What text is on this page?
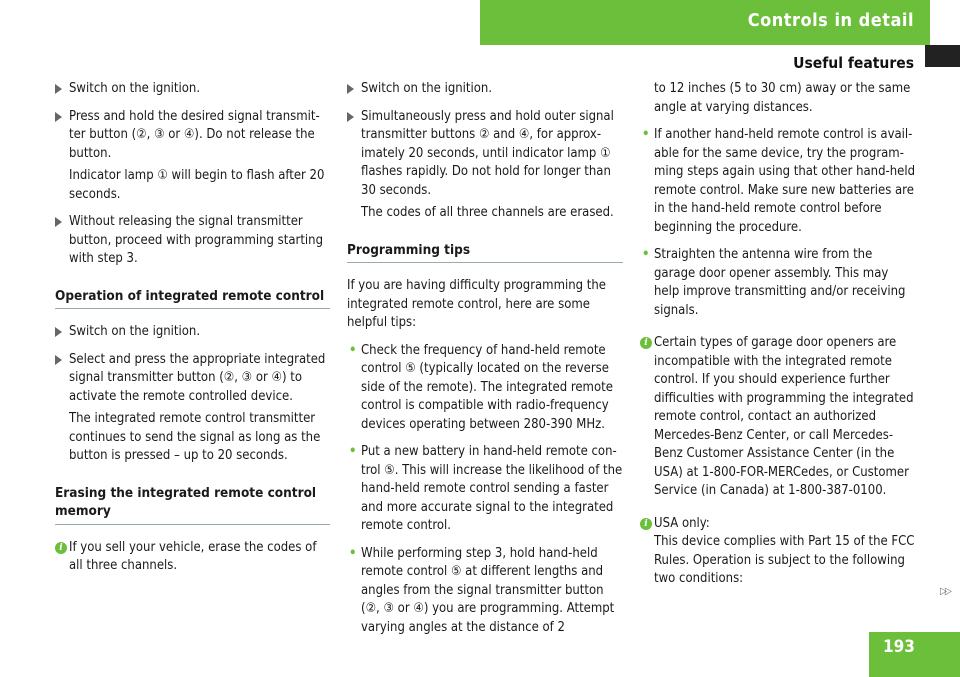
Controls in detail
Useful features
Switch on the ignition.
Press and hold the desired signal transmitter button (②, ③ or ④). Do not release the button.
Indicator lamp ① will begin to flash after 20 seconds.
Without releasing the signal transmitter button, proceed with programming starting with step 3.
Operation of integrated remote control
Switch on the ignition.
Select and press the appropriate integrated signal transmitter button (②, ③ or ④) to activate the remote controlled device.
The integrated remote control transmitter continues to send the signal as long as the button is pressed – up to 20 seconds.
Erasing the integrated remote control memory
i If you sell your vehicle, erase the codes of all three channels.
Switch on the ignition.
Simultaneously press and hold outer signal transmitter buttons ② and ④, for approximately 20 seconds, until indicator lamp ① flashes rapidly. Do not hold for longer than 30 seconds.
The codes of all three channels are erased.
Programming tips
If you are having difficulty programming the integrated remote control, here are some helpful tips:
• Check the frequency of hand-held remote control ⑤ (typically located on the reverse side of the remote). The integrated remote control is compatible with radio-frequency devices operating between 280-390 MHz.
• Put a new battery in hand-held remote control ⑤. This will increase the likelihood of the hand-held remote control sending a faster and more accurate signal to the integrated remote control.
• While performing step 3, hold hand-held remote control ⑤ at different lengths and angles from the signal transmitter button (②, ③ or ④) you are programming. Attempt varying angles at the distance of 2
to 12 inches (5 to 30 cm) away or the same angle at varying distances.
• If another hand-held remote control is available for the same device, try the programming steps again using that other hand-held remote control. Make sure new batteries are in the hand-held remote control before beginning the procedure.
• Straighten the antenna wire from the garage door opener assembly. This may help improve transmitting and/or receiving signals.
i Certain types of garage door openers are incompatible with the integrated remote control. If you should experience further difficulties with programming the integrated remote control, contact an authorized Mercedes-Benz Center, or call Mercedes-Benz Customer Assistance Center (in the USA) at 1-800-FOR-MERCedes, or Customer Service (in Canada) at 1-800-387-0100.
i USA only:
This device complies with Part 15 of the FCC Rules. Operation is subject to the following two conditions:
▷▷
193
